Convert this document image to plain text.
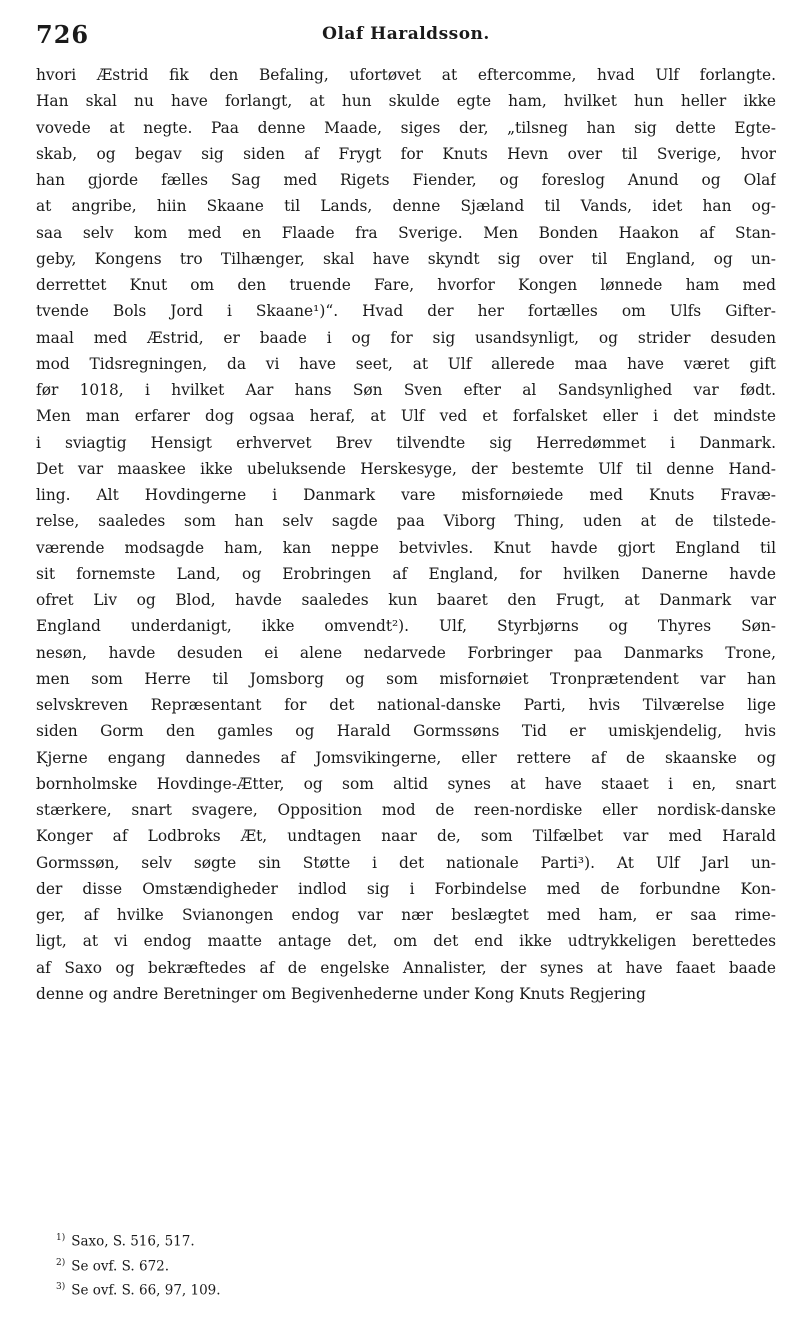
726	Olaf Haraldsson.
hvori Æstrid fik den Befaling, ufortøvet at eftercomme, hvad Ulf forlangte.
Han skal nu have forlangt, at hun skulde egte ham, hvilket hun heller ikke
vovede at negte. Paa denne Maade, siges der, „tilsneg han sig dette Egte-
skab, og begav sig siden af Frygt for Knuts Hevn over til Sverige, hvor
han gjorde fælles Sag med Rigets Fiender, og foreslog Anund og Olaf
at angribe, hiin Skaane til Lands, denne Sjæland til Vands, idet han og-
saa selv kom med en Flaade fra Sverige. Men Bonden Haakon af Stan-
geby, Kongens tro Tilhænger, skal have skyndt sig over til England, og un-
derrettet Knut om den truende Fare, hvorfor Kongen lønnede ham med
tvende Bols Jord i Skaane¹)“. Hvad der her fortælles om Ulfs Gifter-
maal med Æstrid, er baade i og for sig usandsynligt, og strider desuden
mod Tidsregningen, da vi have seet, at Ulf allerede maa have været gift
før 1018, i hvilket Aar hans Søn Sven efter al Sandsynlighed var født.
Men man erfarer dog ogsaa heraf, at Ulf ved et forfalsket eller i det mindste
i sviagtig Hensigt erhvervet Brev tilvendte sig Herredømmet i Danmark.
Det var maaskee ikke ubeluksende Herskesyge, der bestemte Ulf til denne Hand-
ling. Alt Hovdingerne i Danmark vare misfornøiede med Knuts Fravæ-
relse, saaledes som han selv sagde paa Viborg Thing, uden at de tilstede-
værende modsagde ham, kan neppe betvivles. Knut havde gjort England til
sit fornemste Land, og Erobringen af England, for hvilken Danerne havde
ofret Liv og Blod, havde saaledes kun baaret den Frugt, at Danmark var
England underdanigt, ikke omvendt²). Ulf, Styrbjørns og Thyres Søn-
nesøn, havde desuden ei alene nedarvede Forbringer paa Danmarks Trone,
men som Herre til Jomsborg og som misfornøiet Tronprætendent var han
selvskreven Repræsentant for det national-danske Parti, hvis Tilværelse lige
siden Gorm den gamles og Harald Gormssøns Tid er umiskjendelig, hvis
Kjerne engang dannedes af Jomsvikingerne, eller rettere af de skaanske og
bornholmske Hovdinge-Ætter, og som altid synes at have staaet i en, snart
stærkere, snart svagere, Opposition mod de reen-nordiske eller nordisk-danske
Konger af Lodbroks Æt, undtagen naar de, som Tilfælbet var med Harald
Gormssøn, selv søgte sin Støtte i det nationale Parti³). At Ulf Jarl un-
der disse Omstændigheder indlod sig i Forbindelse med de forbundne Kon-
ger, af hvilke Svianongen endog var nær beslægtet med ham, er saa rime-
ligt, at vi endog maatte antage det, om det end ikke udtrykkeligen berettedes
af Saxo og bekræftedes af de engelske Annalister, der synes at have faaet baade
denne og andre Beretninger om Begivenhederne under Kong Knuts Regjering
$^{1)}$ Saxo, S. 516, 517.
$^{2)}$ Se ovf. S. 672.
$^{3)}$ Se ovf. S. 66, 97, 109.
